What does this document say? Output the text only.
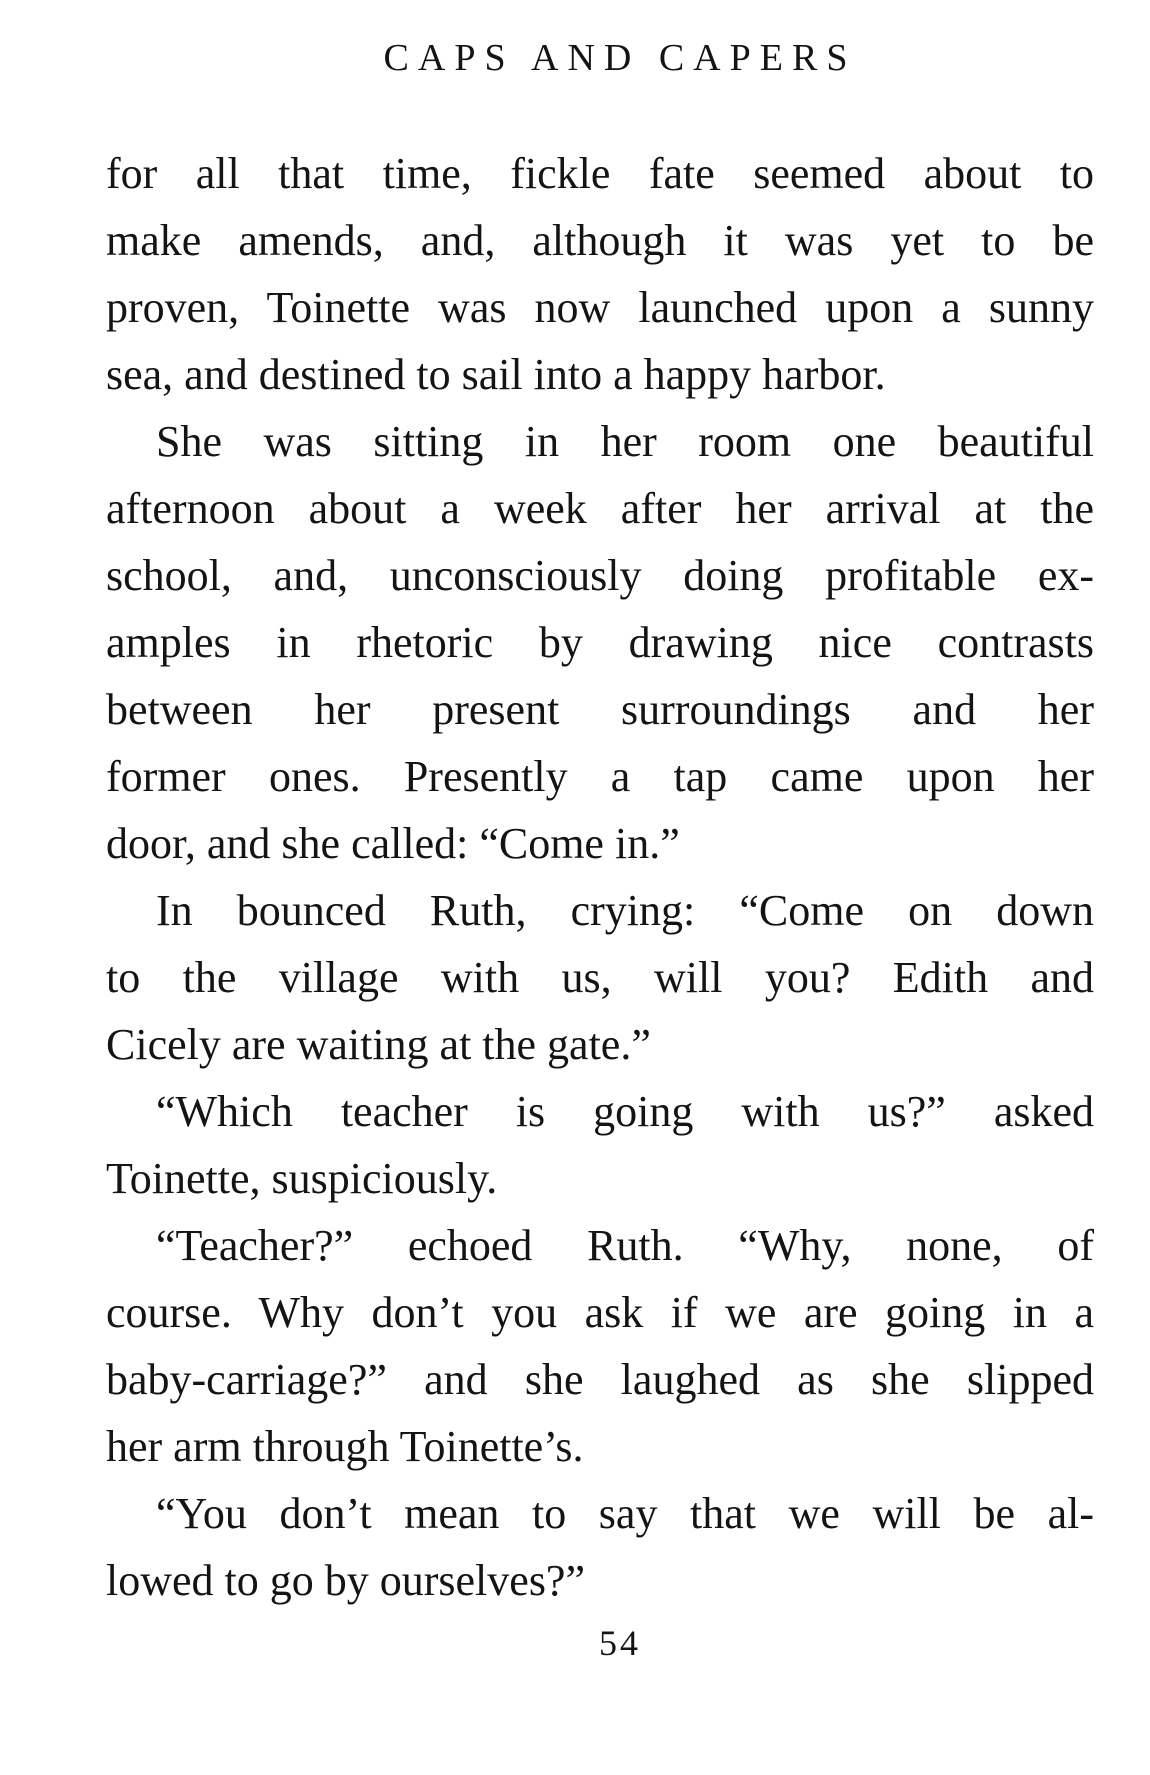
CAPS AND CAPERS

for all that time, fickle fate seemed about to
make amends, and, although it was yet to be
proven, Toinette was now launched upon a sunny
sea, and destined to sail into a happy harbor.

She was sitting in her room one beautiful
afternoon about a week after her arrival at the
school, and, unconsciously doing profitable ex-
amples in rhetoric by drawing nice contrasts
between her present surroundings and her
former ones. Presently a tap came upon her
door, and she called: “Come in.”

In bounced Ruth, crying: “Come on down
to the village with us, will you? Edith and
Cicely are waiting at the gate.”

“Which teacher is going with us?” asked
Toinette, suspiciously.

“Teacher?” echoed Ruth. “Why, none, of
course. Why don’t you ask if we are going in a
baby-carriage?” and she laughed as she slipped
her arm through Toinette’s.

“You don’t mean to say that we will be al-
lowed to go by ourselves?”

54
